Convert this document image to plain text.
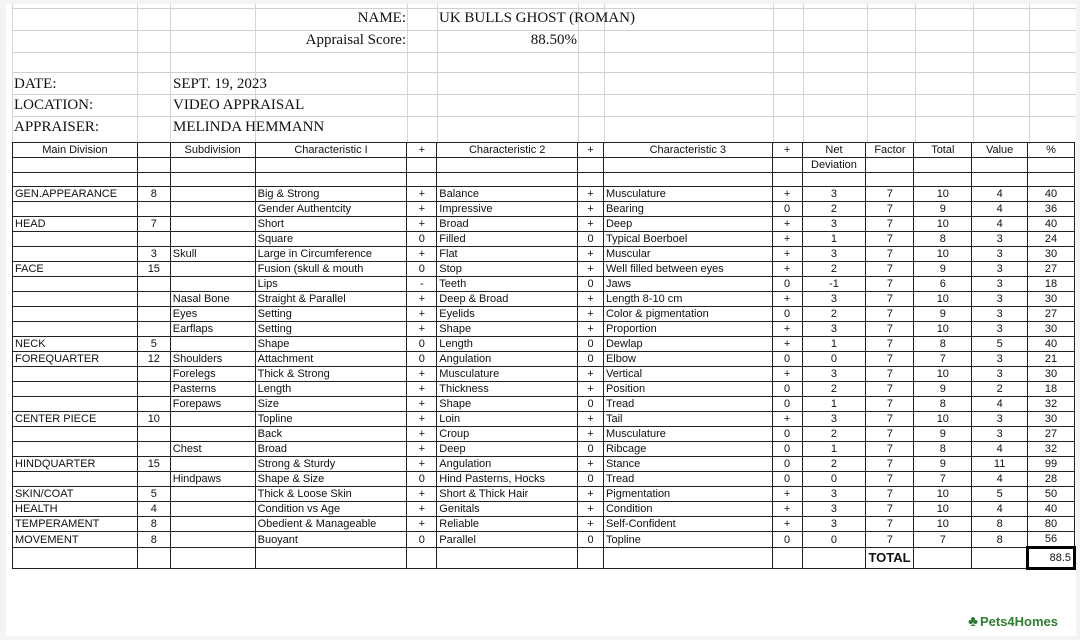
NAME: UK BULLS GHOST (ROMAN)
Appraisal Score:	88.50%
DATE:	SEPT. 19, 2023
LOCATION:	VIDEO APPRAISAL
APPRAISER:	MELINDA HEMMANN
Main Division		Subdivision	Characteristic I	+	Characteristic 2	+	Characteristic 3	+	Net	Factor	Total	Value	%
									Deviation				

GEN.APPEARANCE	8		Big & Strong	+	Balance	+	Musculature	+	3	7	10	4	40
			Gender Authentcity	+	Impressive	+	Bearing	0	2	7	9	4	36
HEAD	7		Short	+	Broad	+	Deep	+	3	7	10	4	40
			Square	0	Filled	0	Typical Boerboel	+	1	7	8	3	24
	3	Skull	Large in Circumference	+	Flat	+	Muscular	+	3	7	10	3	30
FACE	15		Fusion (skull & mouth	0	Stop	+	Well filled between eyes	+	2	7	9	3	27
			Lips	-	Teeth	0	Jaws	0	-1	7	6	3	18
		Nasal Bone	Straight & Parallel	+	Deep & Broad	+	Length 8-10 cm	+	3	7	10	3	30
		Eyes	Setting	+	Eyelids	+	Color & pigmentation	0	2	7	9	3	27
		Earflaps	Setting	+	Shape	+	Proportion	+	3	7	10	3	30
NECK	5		Shape	0	Length	0	Dewlap	+	1	7	8	5	40
FOREQUARTER	12	Shoulders	Attachment	0	Angulation	0	Elbow	0	0	7	7	3	21
		Forelegs	Thick & Strong	+	Musculature	+	Vertical	+	3	7	10	3	30
		Pasterns	Length	+	Thickness	+	Position	0	2	7	9	2	18
		Forepaws	Size	+	Shape	0	Tread	0	1	7	8	4	32
CENTER PIECE	10		Topline	+	Loin	+	Tail	+	3	7	10	3	30
			Back	+	Croup	+	Musculature	0	2	7	9	3	27
		Chest	Broad	+	Deep	0	Ribcage	0	1	7	8	4	32
HINDQUARTER	15		Strong & Sturdy	+	Angulation	+	Stance	0	2	7	9	11	99
		Hindpaws	Shape & Size	0	Hind Pasterns, Hocks	0	Tread	0	0	7	7	4	28
SKIN/COAT	5		Thick & Loose Skin	+	Short & Thick Hair	+	Pigmentation	+	3	7	10	5	50
HEALTH	4		Condition vs Age	+	Genitals	+	Condition	+	3	7	10	4	40
TEMPERAMENT	8		Obedient & Manageable	+	Reliable	+	Self-Confident	+	3	7	10	8	80
MOVEMENT	8		Buoyant	0	Parallel	0	Topline	0	0	7	7	8	56
										TOTAL			88.5
♣ Pets4Homes
